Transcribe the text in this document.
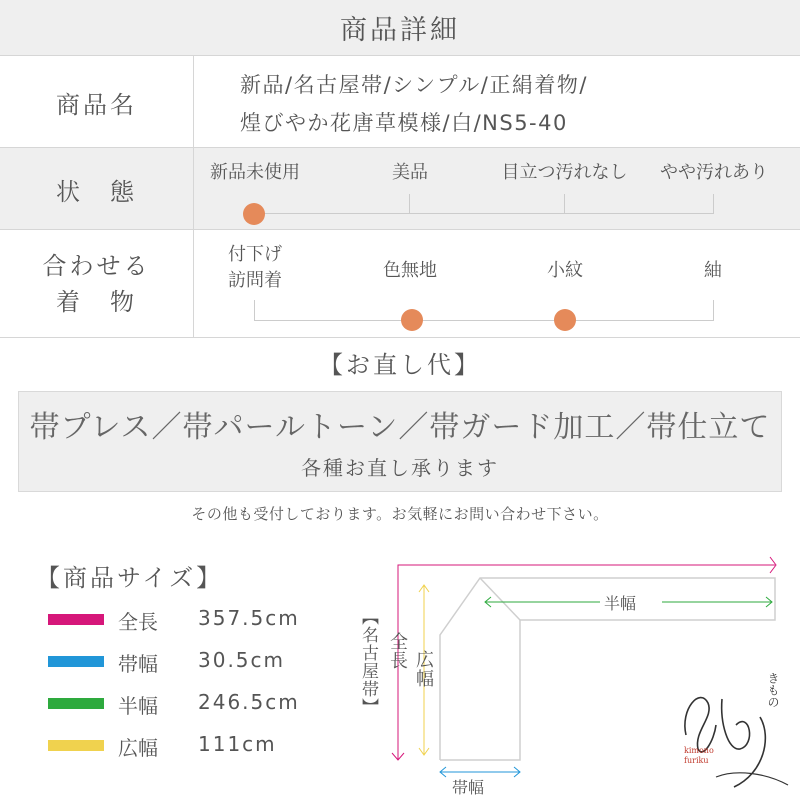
商品詳細
商品名
新品/名古屋帯/シンプル/正絹着物/
煌びやか花唐草模様/白/NS5-40
状　態
新品未使用	美品	目立つ汚れなし	やや汚れあり
合わせる
着　物
付下げ
訪問着	色無地	小紋	紬
【お直し代】
帯プレス／帯パールトーン／帯ガード加工／帯仕立て
各種お直し承ります
その他も受付しております。お気軽にお問い合わせ下さい。
【商品サイズ】
全長 357.5cm
帯幅 30.5cm
半幅 246.5cm
広幅 111cm
半幅
帯幅
【名古屋帯】 全長 広幅
きもの
kimono
furiku
